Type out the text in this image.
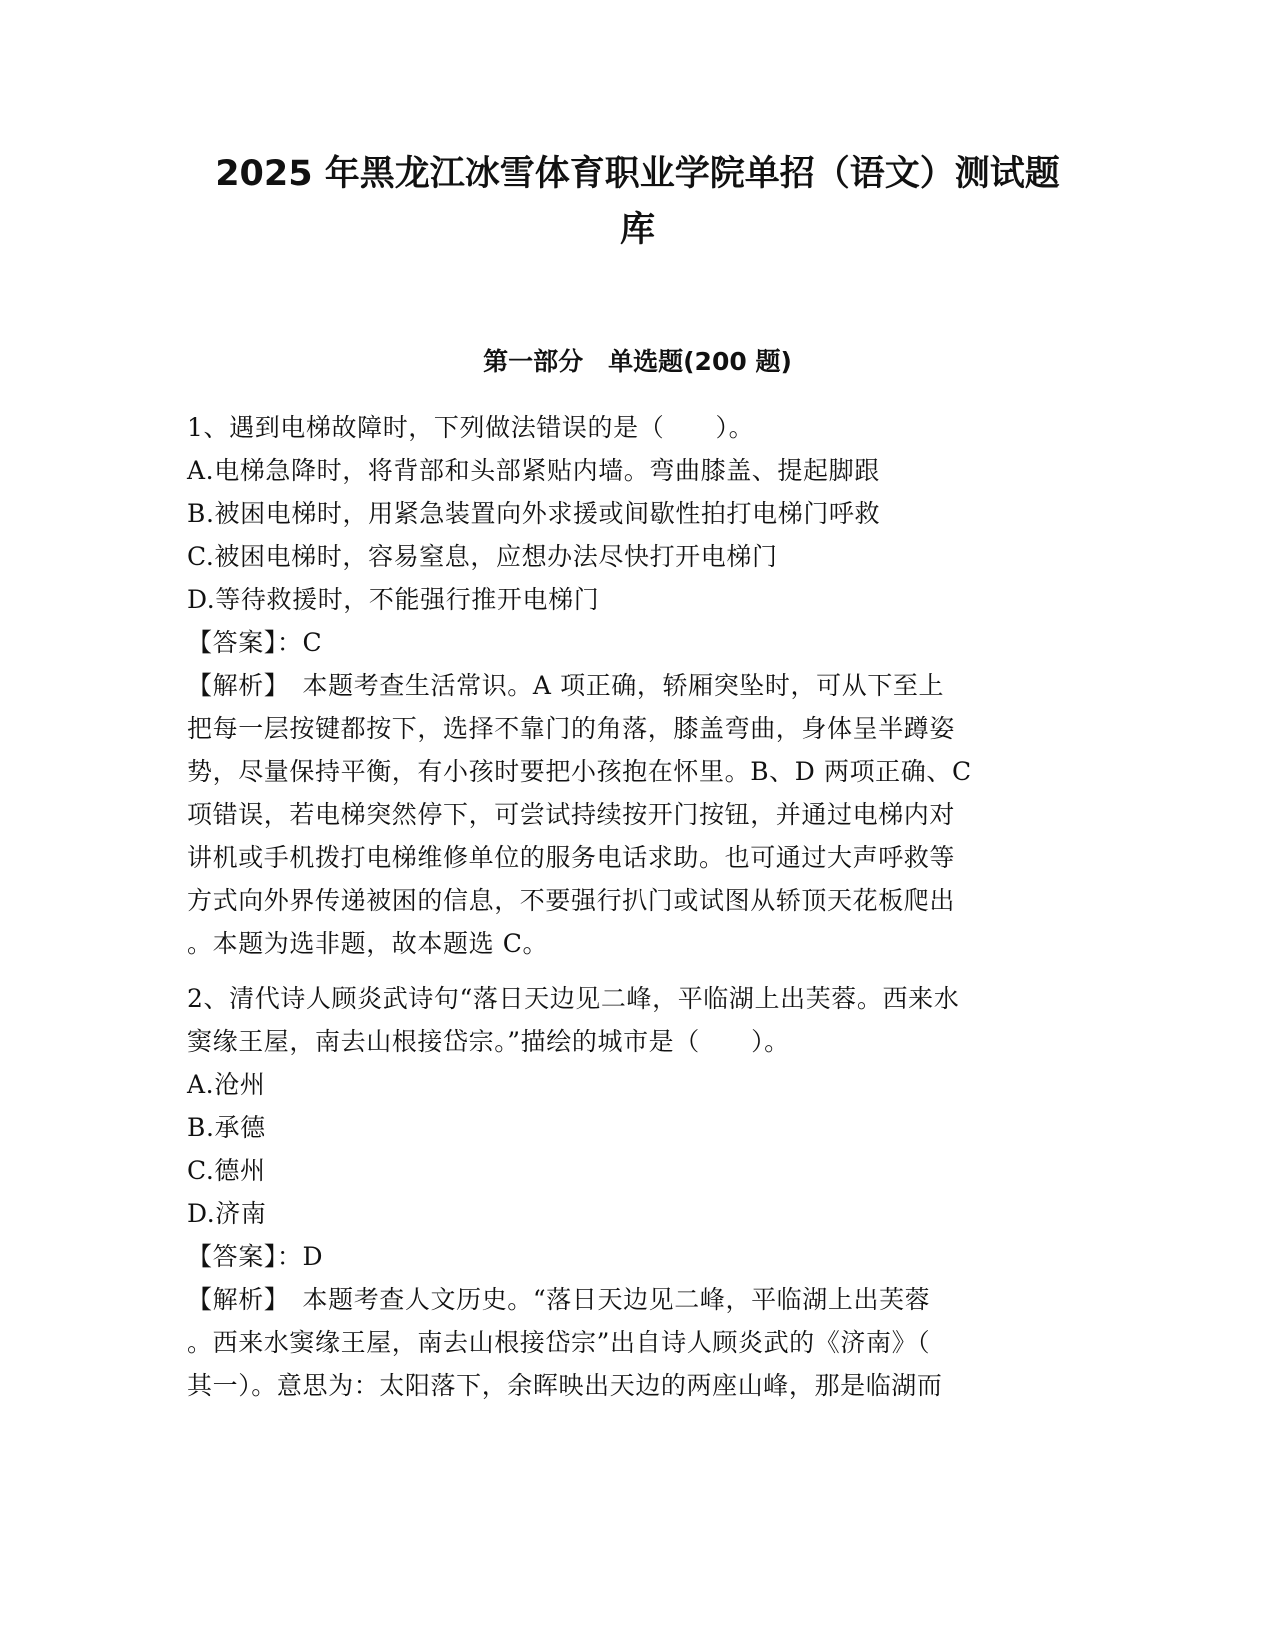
2025 年黑龙江冰雪体育职业学院单招（语文）测试题
库
第一部分　单选题(200 题)

1、遇到电梯故障时，下列做法错误的是（　　）。

A.电梯急降时，将背部和头部紧贴内墙。弯曲膝盖、提起脚跟

B.被困电梯时，用紧急装置向外求援或间歇性拍打电梯门呼救

C.被困电梯时，容易窒息，应想办法尽快打开电梯门

D.等待救援时，不能强行推开电梯门

【答案】：C

【解析】　本题考查生活常识。A 项正确，轿厢突坠时，可从下至上

把每一层按键都按下，选择不靠门的角落，膝盖弯曲，身体呈半蹲姿

势，尽量保持平衡，有小孩时要把小孩抱在怀里。B、D 两项正确、C

项错误，若电梯突然停下，可尝试持续按开门按钮，并通过电梯内对

讲机或手机拨打电梯维修单位的服务电话求助。也可通过大声呼救等

方式向外界传递被困的信息，不要强行扒门或试图从轿顶天花板爬出

。本题为选非题，故本题选 C。

2、清代诗人顾炎武诗句“落日天边见二峰，平临湖上出芙蓉。西来水

窦缘王屋，南去山根接岱宗。”描绘的城市是（　　）。

A.沧州

B.承德

C.德州

D.济南

【答案】：D

【解析】　本题考查人文历史。“落日天边见二峰，平临湖上出芙蓉

。西来水窦缘王屋，南去山根接岱宗”出自诗人顾炎武的《济南》（

其一）。意思为：太阳落下，余晖映出天边的两座山峰，那是临湖而
